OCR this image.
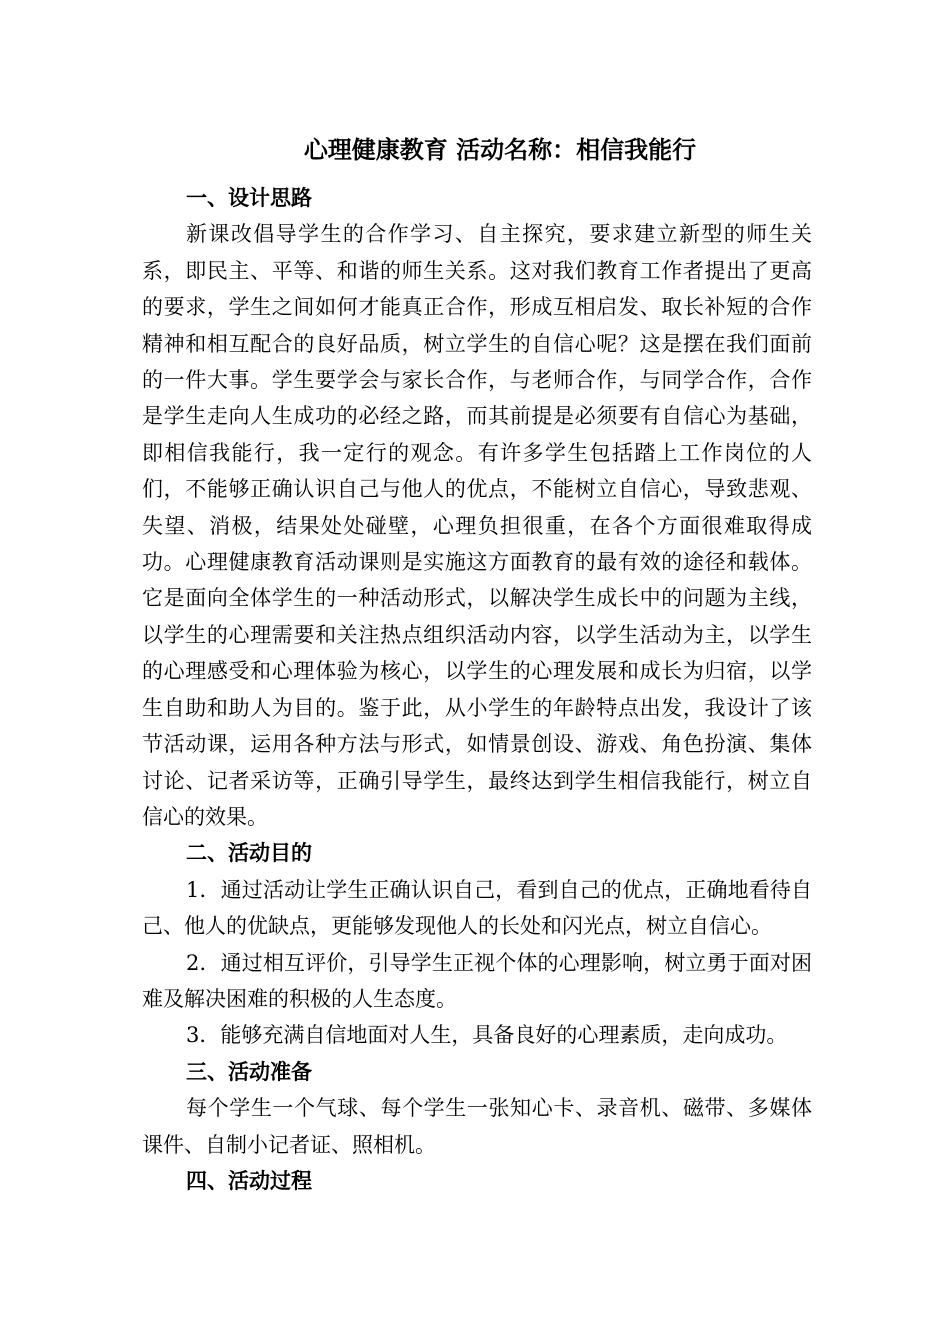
心理健康教育 活动名称：相信我能行

一、设计思路

新课改倡导学生的合作学习、自主探究，要求建立新型的师生关系，即民主、平等、和谐的师生关系。这对我们教育工作者提出了更高的要求，学生之间如何才能真正合作，形成互相启发、取长补短的合作精神和相互配合的良好品质，树立学生的自信心呢？这是摆在我们面前的一件大事。学生要学会与家长合作，与老师合作，与同学合作，合作是学生走向人生成功的必经之路，而其前提是必须要有自信心为基础，即相信我能行，我一定行的观念。有许多学生包括踏上工作岗位的人们，不能够正确认识自己与他人的优点，不能树立自信心，导致悲观、失望、消极，结果处处碰壁，心理负担很重，在各个方面很难取得成功。心理健康教育活动课则是实施这方面教育的最有效的途径和载体。它是面向全体学生的一种活动形式，以解决学生成长中的问题为主线，以学生的心理需要和关注热点组织活动内容，以学生活动为主，以学生的心理感受和心理体验为核心，以学生的心理发展和成长为归宿，以学生自助和助人为目的。鉴于此，从小学生的年龄特点出发，我设计了该节活动课，运用各种方法与形式，如情景创设、游戏、角色扮演、集体讨论、记者采访等，正确引导学生，最终达到学生相信我能行，树立自信心的效果。

二、活动目的

1．通过活动让学生正确认识自己，看到自己的优点，正确地看待自己、他人的优缺点，更能够发现他人的长处和闪光点，树立自信心。

2．通过相互评价，引导学生正视个体的心理影响，树立勇于面对困难及解决困难的积极的人生态度。

3．能够充满自信地面对人生，具备良好的心理素质，走向成功。

三、活动准备

每个学生一个气球、每个学生一张知心卡、录音机、磁带、多媒体课件、自制小记者证、照相机。

四、活动过程
